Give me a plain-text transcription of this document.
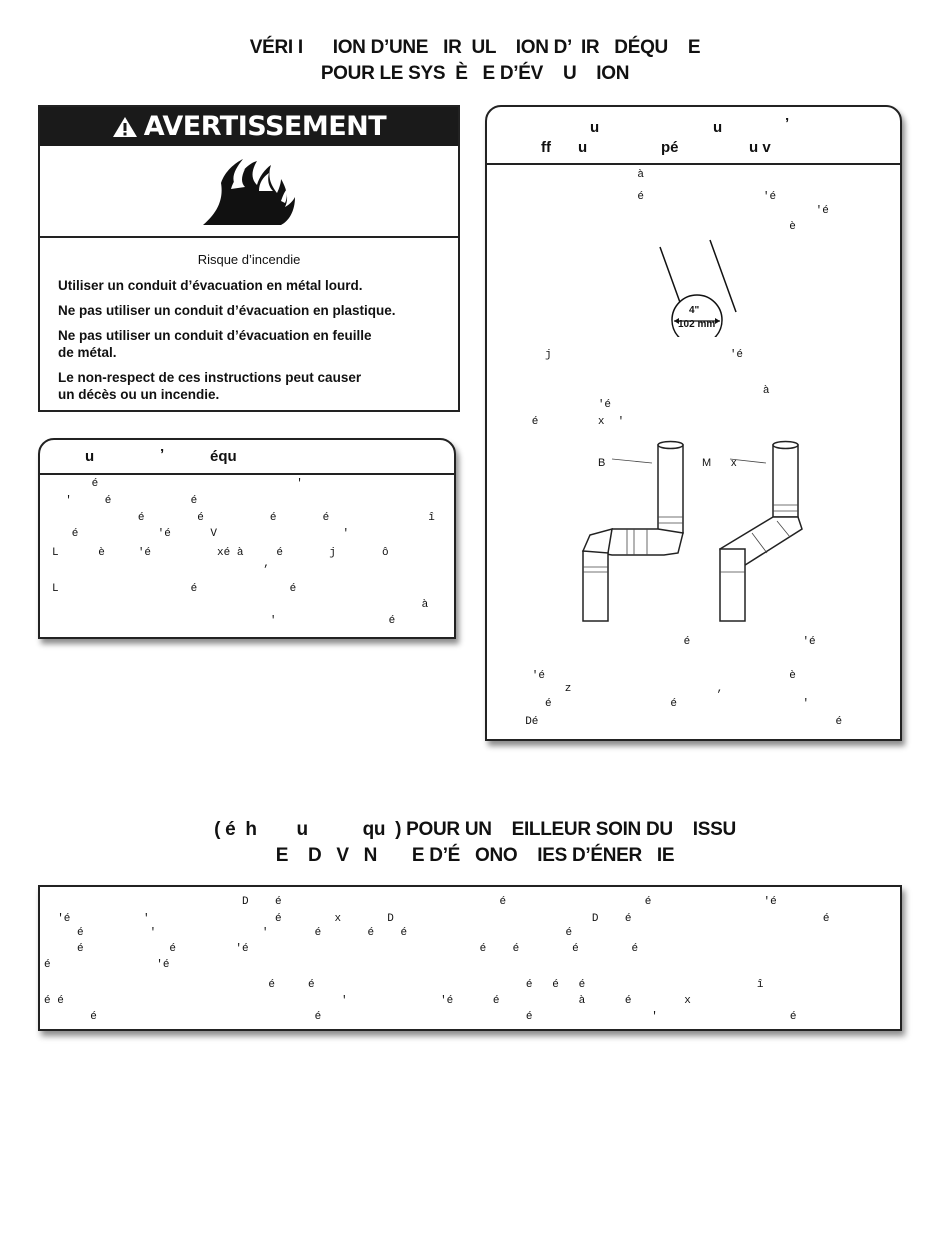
VÉRI I      ION D’UNE   IR  UL    ION D’  IR   DÉQU    E
POUR LE SYS  È   E D’ÉV    U    ION
AVERTISSEMENT
Risque d’incendie
Utiliser un conduit d’évacuation en métal lourd.
Ne pas utiliser un conduit d’évacuation en plastique.
Ne pas utiliser un conduit d’évacuation en feuille
de métal.
Le non-respect de ces instructions peut causer
un décès ou un incendie.
u	’	équ
é                              '
'     é            é
é        é          é       é               î
é            'é      V                   '
L      è     'é          xé à     é       j       ô
,
L                    é              é
à
'                 é
u	u	’
ff u	pé	u v
à
é                  'é
'é
è
j                           'é
à
'é
é         x  '
4"
102 mm
B	M x
é                 'é
'é                                     è
z                      ,
é                  é                   '
Dé                                             é
( é  h        u           qu  ) POUR UN    EILLEUR SOIN DU    ISSU
E    D   V   N       E D’É   ONO    IES D’ÉNER   IE
D    é                                 é                     é                 'é
'é           '                   é        x       D                              D    é                             é
é          '                '       é       é    é                        é
é             é         'é                                   é    é        é        é
é                'é
é     é                                é   é   é                          î
é é                                          '              'é      é            à      é        x
é                                 é                               é                  '                    é
